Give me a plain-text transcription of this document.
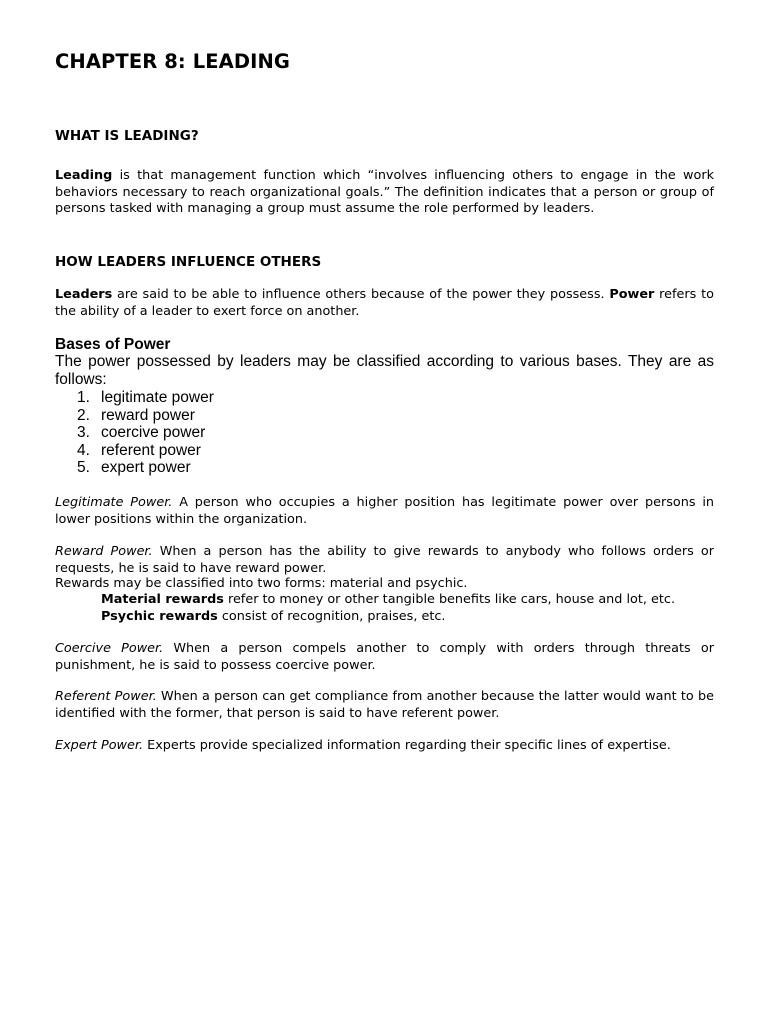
CHAPTER 8: LEADING
WHAT IS LEADING?

Leading is that management function which “involves influencing others to engage in the work behaviors necessary to reach organizational goals.” The definition indicates that a person or group of persons tasked with managing a group must assume the role performed by leaders.

HOW LEADERS INFLUENCE OTHERS

Leaders are said to be able to influence others because of the power they possess. Power refers to the ability of a leader to exert force on another.

Bases of Power

The power possessed by leaders may be classified according to various bases. They are as follows:

1. legitimate power
2. reward power
3. coercive power
4. referent power
5. expert power

Legitimate Power. A person who occupies a higher position has legitimate power over persons in lower positions within the organization.

Reward Power. When a person has the ability to give rewards to anybody who follows orders or requests, he is said to have reward power.

Rewards may be classified into two forms: material and psychic.

Material rewards refer to money or other tangible benefits like cars, house and lot, etc.

Psychic rewards consist of recognition, praises, etc.

Coercive Power. When a person compels another to comply with orders through threats or punishment, he is said to possess coercive power.

Referent Power. When a person can get compliance from another because the latter would want to be identified with the former, that person is said to have referent power.

Expert Power. Experts provide specialized information regarding their specific lines of expertise.
